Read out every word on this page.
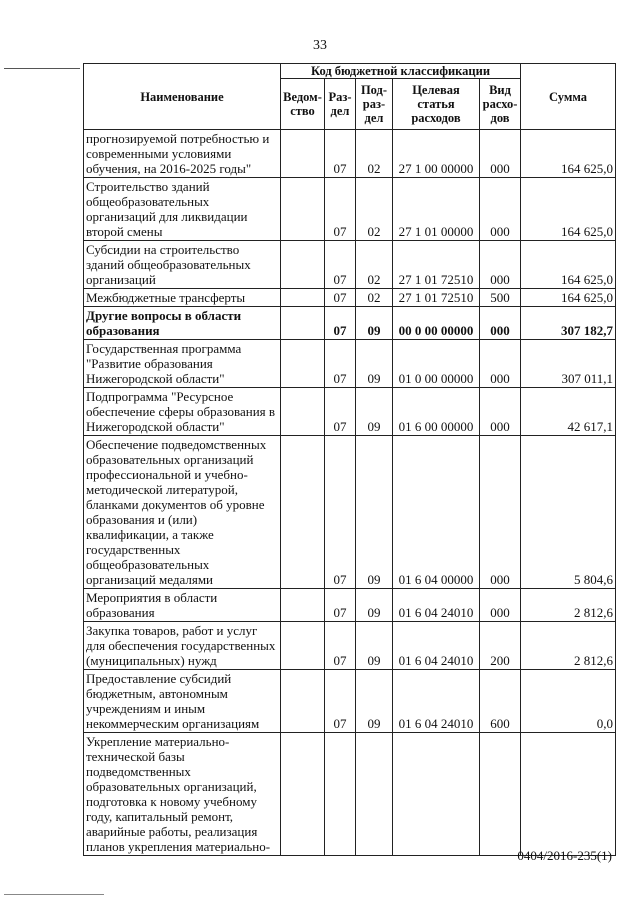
33
Наименование	Код бюджетной классификации					Сумма
	Ведом-ство	Раз-дел	Под-раз-дел	Целевая статья расходов	Вид расхо-дов	
прогнозируемой потребностью и современными условиями обучения, на 2016-2025 годы"		07	02	27 1 00 00000	000	164 625,0
Строительство зданий общеобразовательных организаций для ликвидации второй смены		07	02	27 1 01 00000	000	164 625,0
Субсидии на строительство зданий общеобразовательных организаций		07	02	27 1 01 72510	000	164 625,0
Межбюджетные трансферты		07	02	27 1 01 72510	500	164 625,0
Другие вопросы в области образования		07	09	00 0 00 00000	000	307 182,7
Государственная программа "Развитие образования Нижегородской области"		07	09	01 0 00 00000	000	307 011,1
Подпрограмма "Ресурсное обеспечение сферы образования в Нижегородской области"		07	09	01 6 00 00000	000	42 617,1
Обеспечение подведомственных образовательных организаций профессиональной и учебно-методической литературой, бланками документов об уровне образования и (или) квалификации, а также государственных общеобразовательных организаций медалями		07	09	01 6 04 00000	000	5 804,6
Мероприятия в области образования		07	09	01 6 04 24010	000	2 812,6
Закупка товаров, работ и услуг для обеспечения государственных (муниципальных) нужд		07	09	01 6 04 24010	200	2 812,6
Предоставление субсидий бюджетным, автономным учреждениям и иным некоммерческим организациям		07	09	01 6 04 24010	600	0,0
Укрепление материально-технической базы подведомственных образовательных организаций, подготовка к новому учебному году, капитальный ремонт, аварийные работы, реализация планов укрепления материально-						
0404/2016-235(1)
